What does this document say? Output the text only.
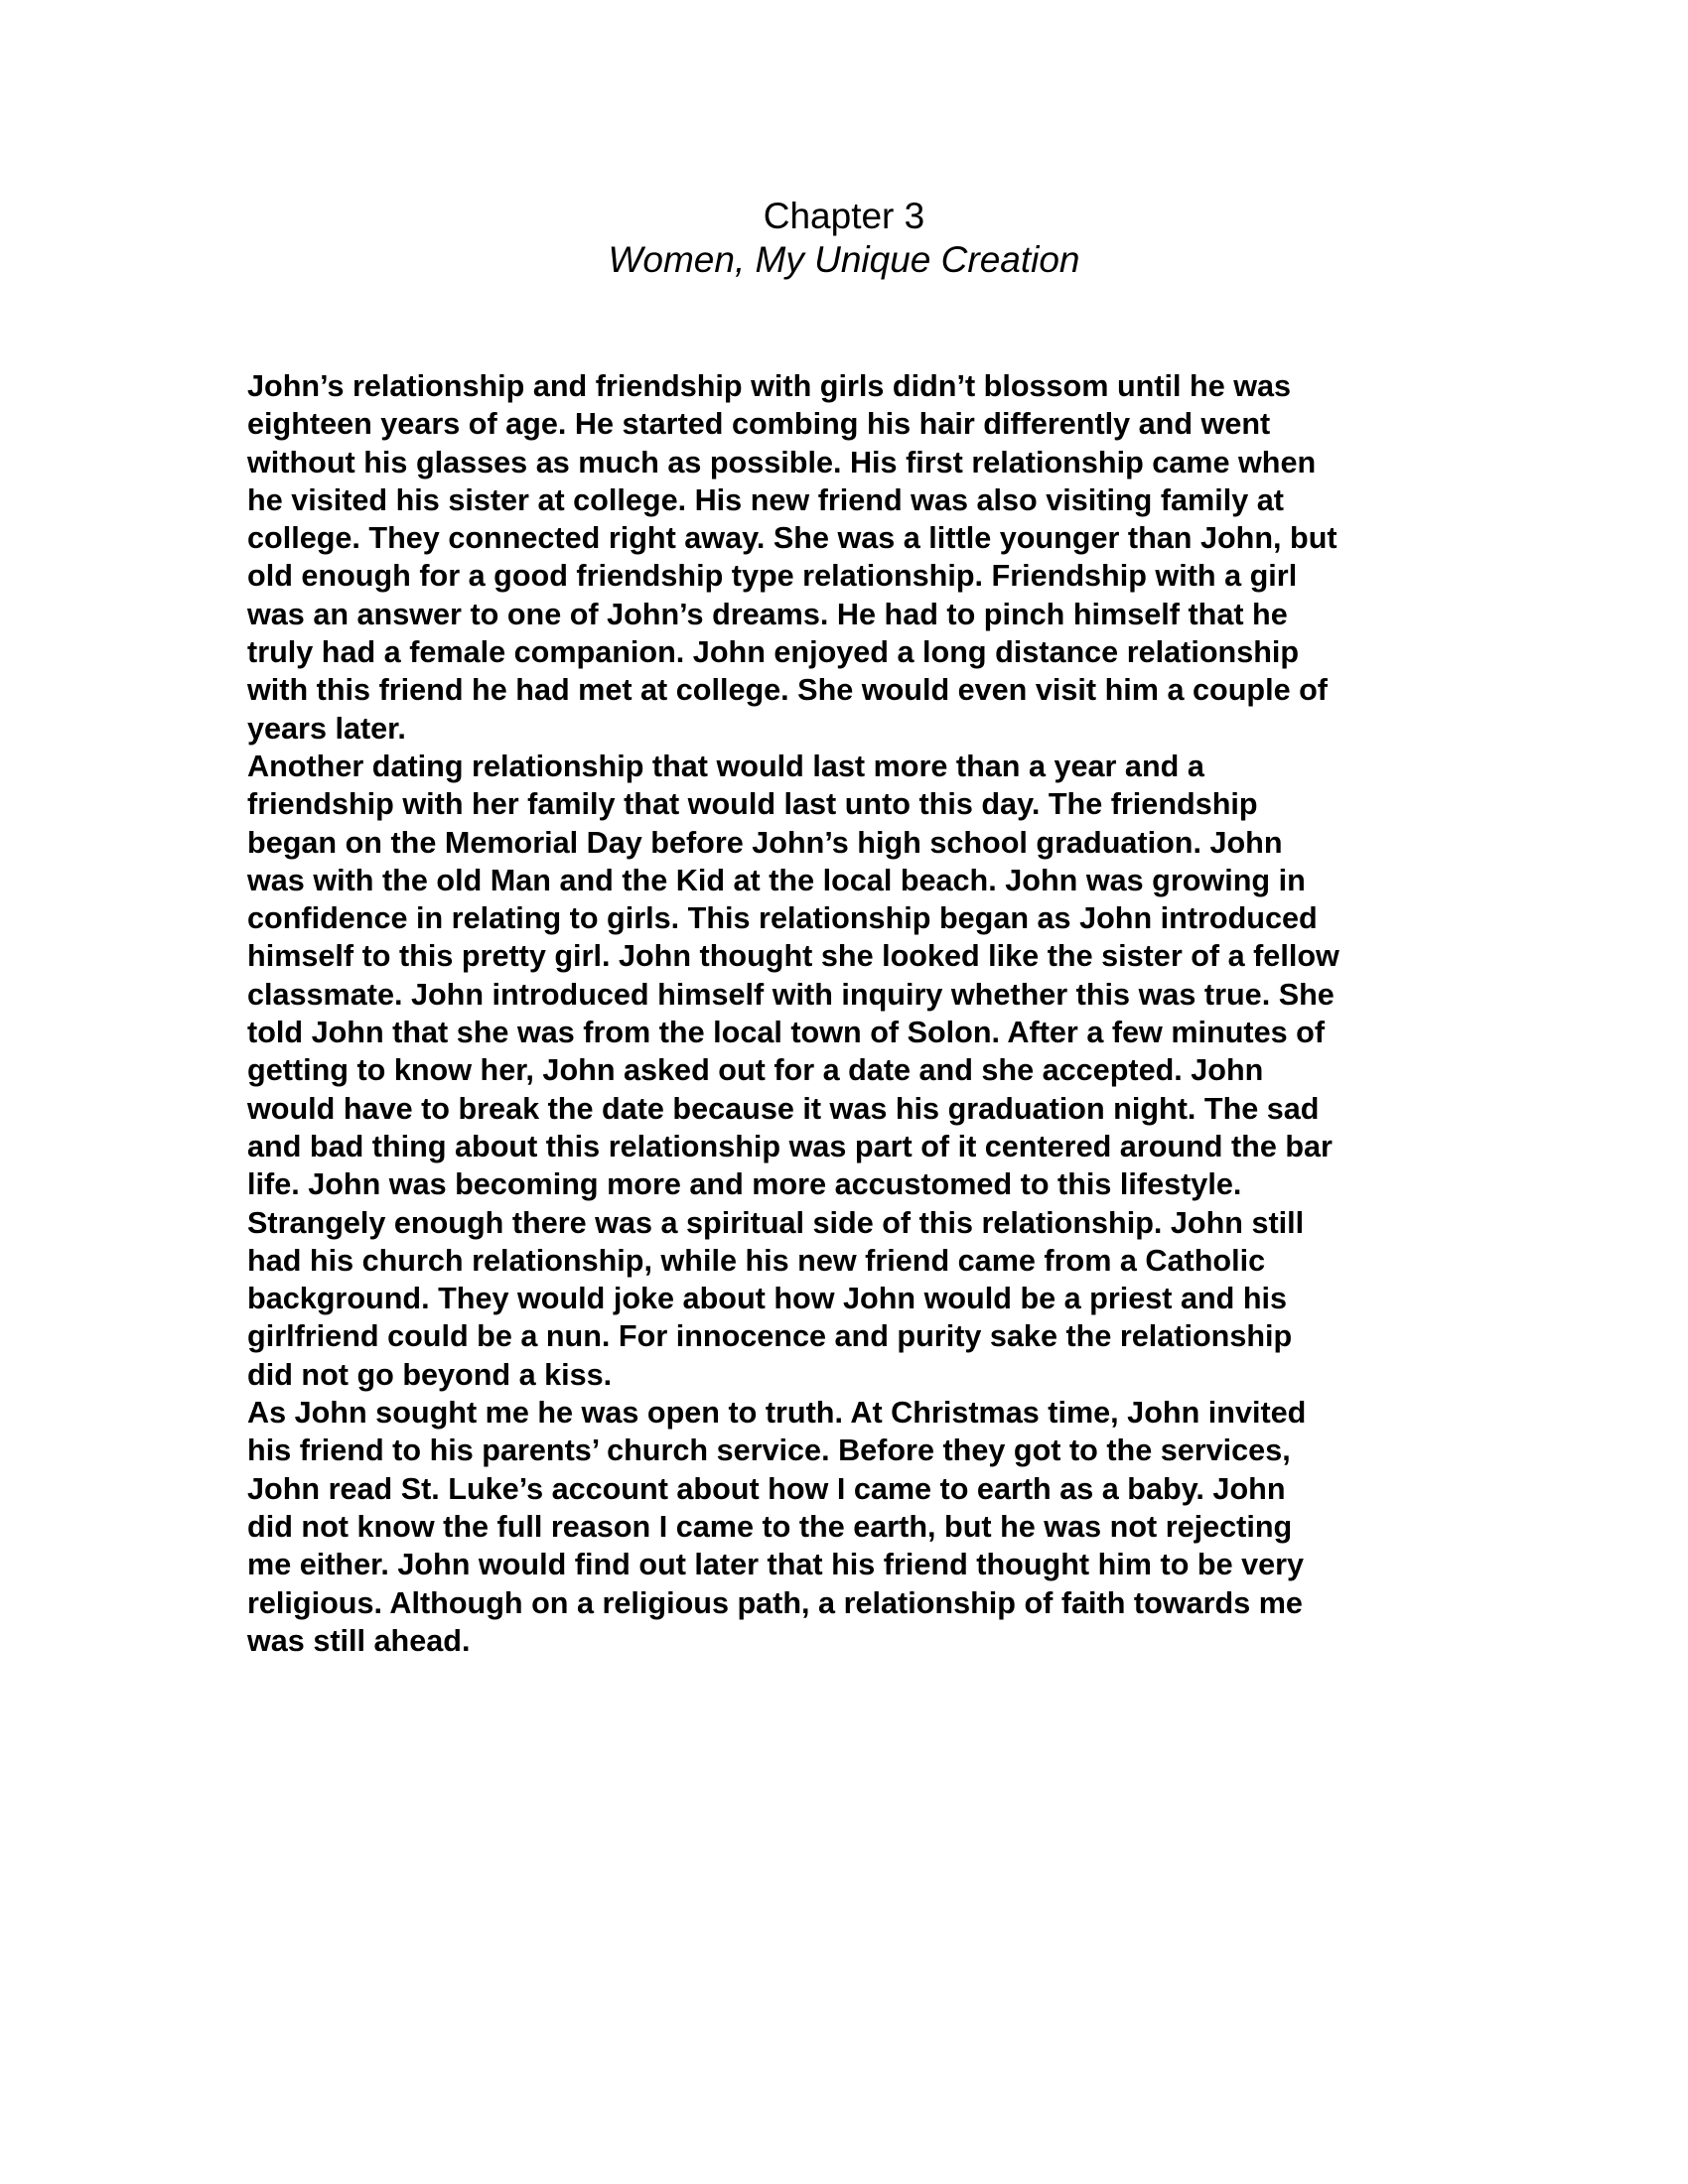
Chapter 3
Women, My Unique Creation
John’s relationship and friendship with girls didn’t blossom until he was
eighteen years of age. He started combing his hair differently and went
without his glasses as much as possible. His first relationship came when
he visited his sister at college. His new friend was also visiting family at
college. They connected right away. She was a little younger than John, but
old enough for a good friendship type relationship. Friendship with a girl
was an answer to one of John’s dreams. He had to pinch himself that he
truly had a female companion. John enjoyed a long distance relationship
with this friend he had met at college. She would even visit him a couple of
years later.
Another dating relationship that would last more than a year and a
friendship with her family that would last unto this day. The friendship
began on the Memorial Day before John’s high school graduation. John
was with the old Man and the Kid at the local beach. John was growing in
confidence in relating to girls. This relationship began as John introduced
himself to this pretty girl. John thought she looked like the sister of a fellow
classmate. John introduced himself with inquiry whether this was true. She
told John that she was from the local town of Solon. After a few minutes of
getting to know her, John asked out for a date and she accepted. John
would have to break the date because it was his graduation night. The sad
and bad thing about this relationship was part of it centered around the bar
life. John was becoming more and more accustomed to this lifestyle.
Strangely enough there was a spiritual side of this relationship. John still
had his church relationship, while his new friend came from a Catholic
background. They would joke about how John would be a priest and his
girlfriend could be a nun. For innocence and purity sake the relationship
did not go beyond a kiss.
As John sought me he was open to truth. At Christmas time, John invited
his friend to his parents’ church service. Before they got to the services,
John read St. Luke’s account about how I came to earth as a baby. John
did not know the full reason I came to the earth, but he was not rejecting
me either. John would find out later that his friend thought him to be very
religious. Although on a religious path, a relationship of faith towards me
was still ahead.
